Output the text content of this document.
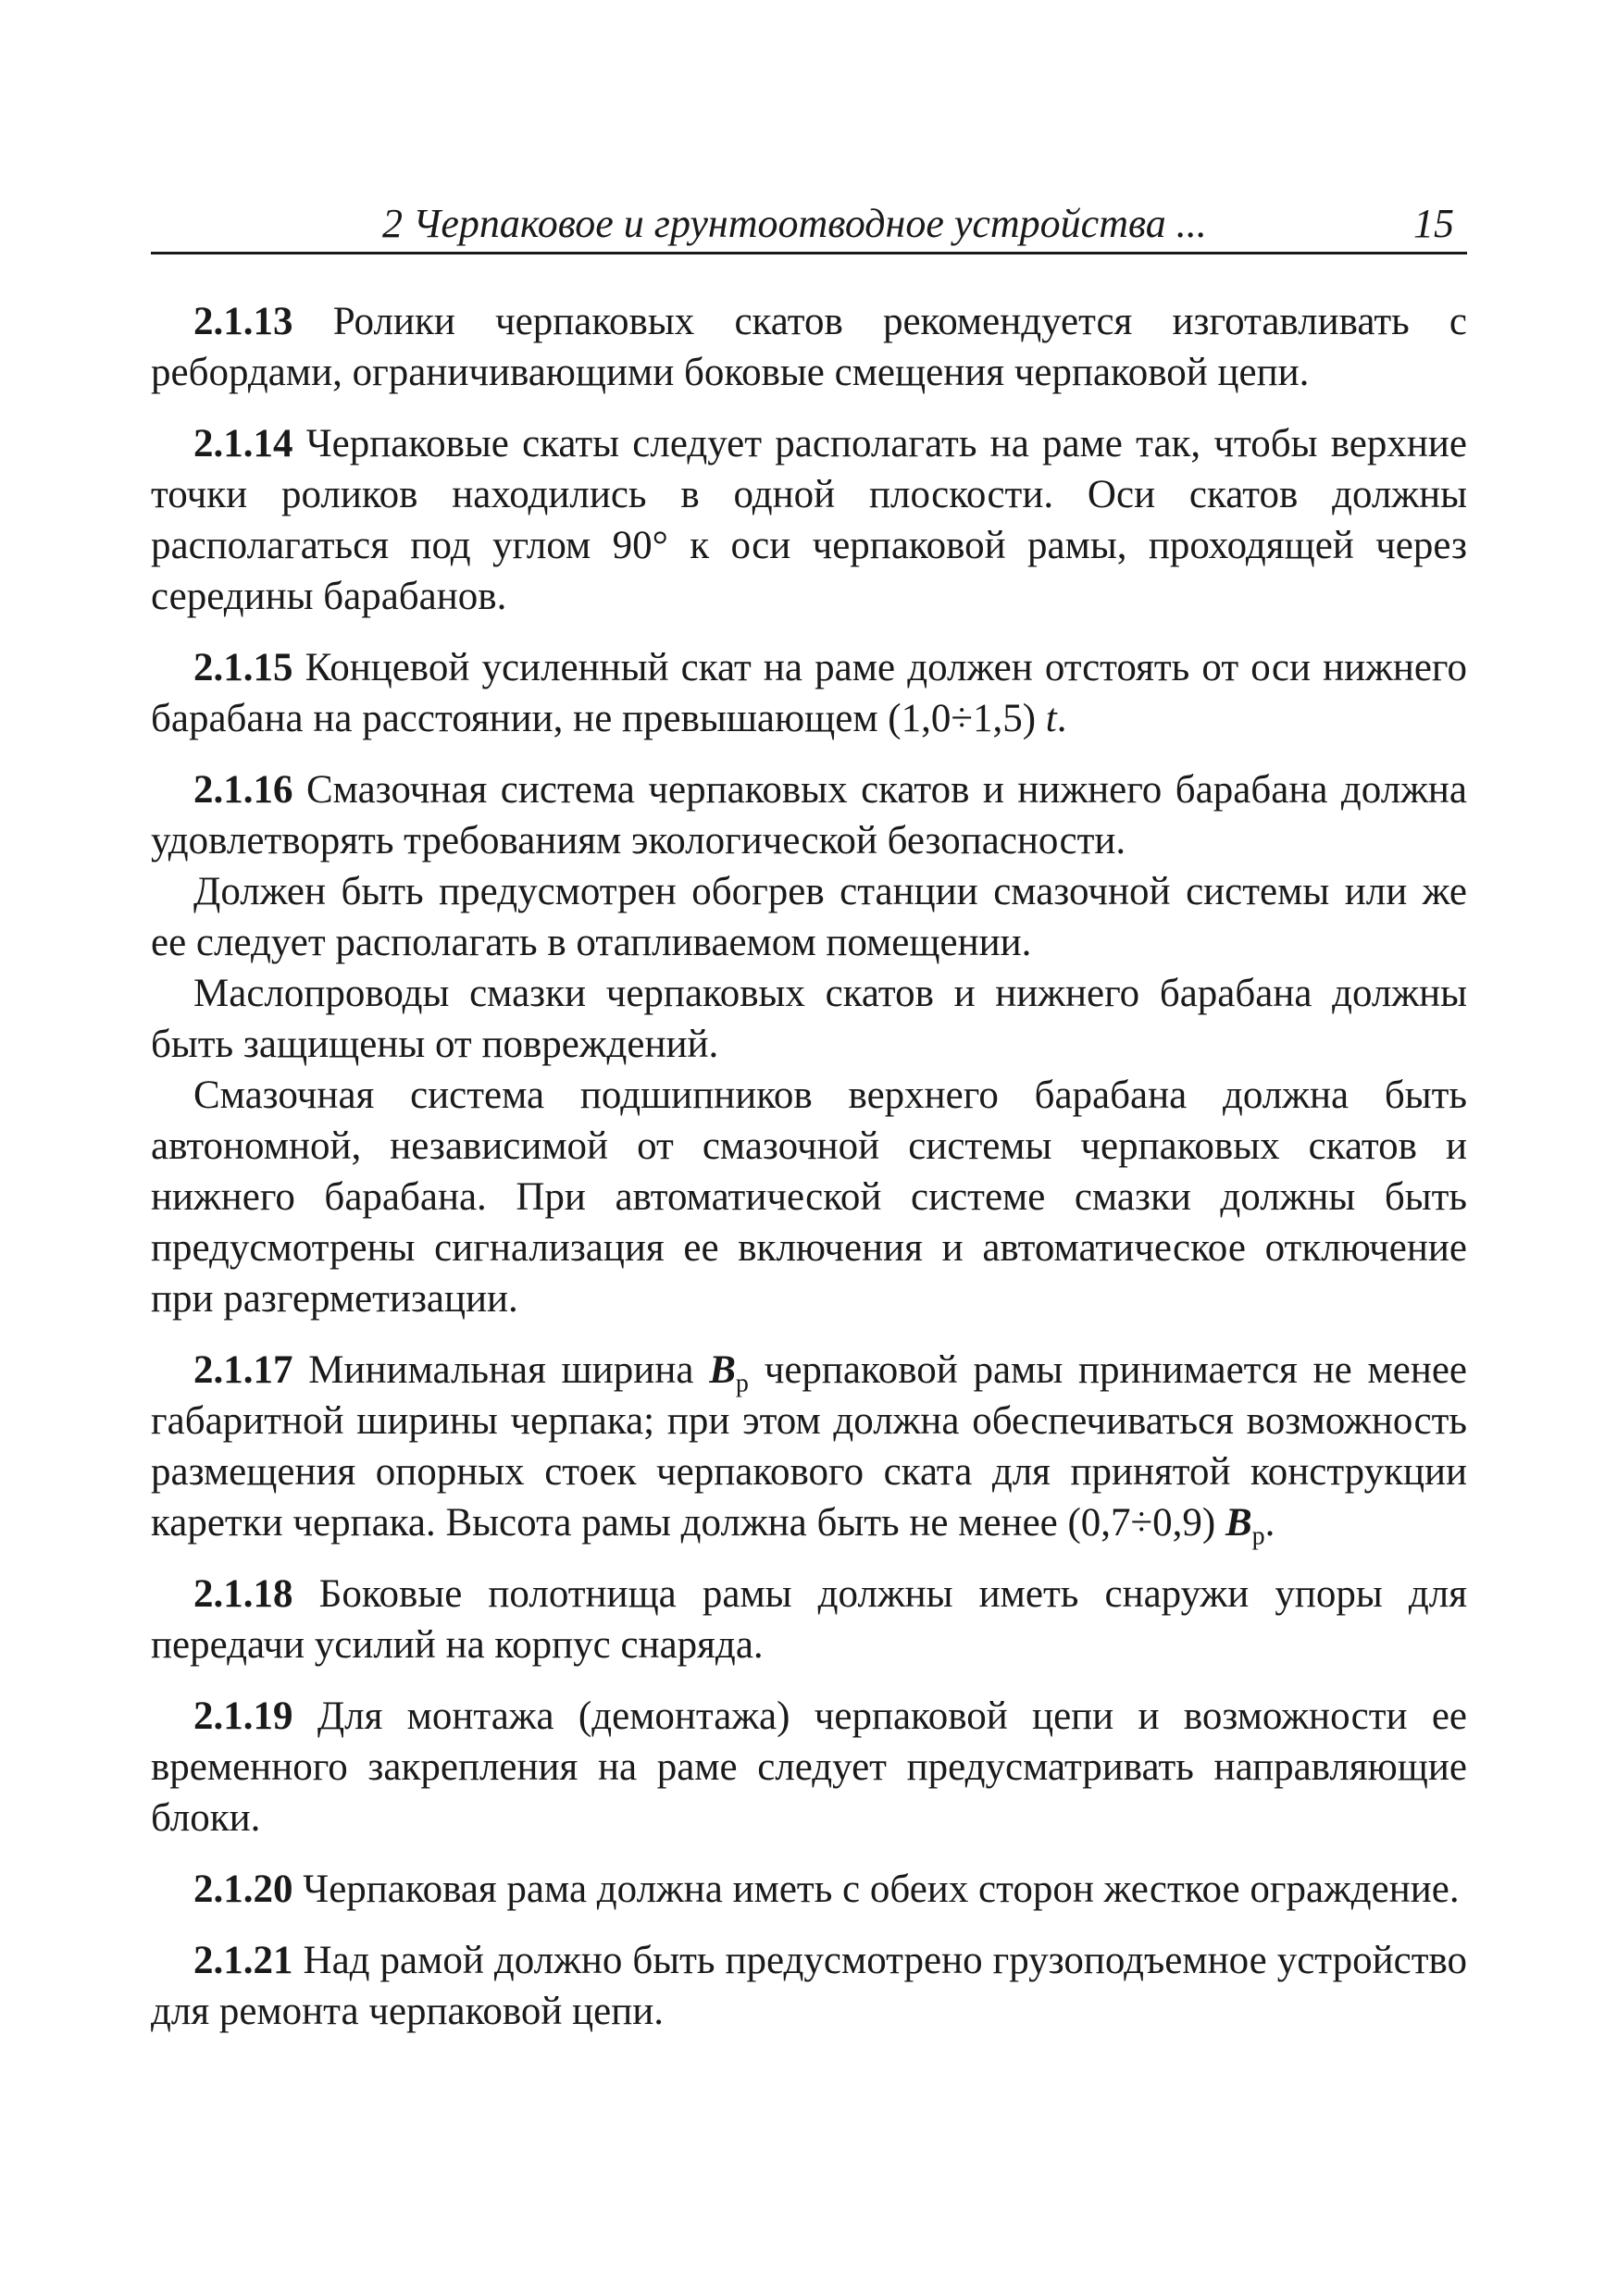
2 Черпаковое и грунтоотводное устройства ...	15

2.1.13 Ролики черпаковых скатов рекомендуется изготавливать с ребордами, ограничивающими боковые смещения черпаковой цепи.

2.1.14 Черпаковые скаты следует располагать на раме так, чтобы верхние точки роликов находились в одной плоскости. Оси скатов должны располагаться под углом 90° к оси черпаковой рамы, проходящей через середины барабанов.

2.1.15 Концевой усиленный скат на раме должен отстоять от оси нижнего барабана на расстоянии, не превышающем (1,0÷1,5) t.

2.1.16 Смазочная система черпаковых скатов и нижнего барабана должна удовлетворять требованиям экологической безопасности.

Должен быть предусмотрен обогрев станции смазочной системы или же ее следует располагать в отапливаемом помещении.

Маслопроводы смазки черпаковых скатов и нижнего барабана должны быть защищены от повреждений.

Смазочная система подшипников верхнего барабана должна быть автономной, независимой от смазочной системы черпаковых скатов и нижнего барабана. При автоматической системе смазки должны быть предусмотрены сигнализация ее включения и автоматическое отключение при разгерметизации.

2.1.17 Минимальная ширина $B_р$ черпаковой рамы принимается не менее габаритной ширины черпака; при этом должна обеспечиваться возможность размещения опорных стоек черпакового ската для принятой конструкции каретки черпака. Высота рамы должна быть не менее (0,7÷0,9) $B_р$.

2.1.18 Боковые полотнища рамы должны иметь снаружи упоры для передачи усилий на корпус снаряда.

2.1.19 Для монтажа (демонтажа) черпаковой цепи и возможности ее временного закрепления на раме следует предусматривать направляющие блоки.

2.1.20 Черпаковая рама должна иметь с обеих сторон жесткое ограждение.

2.1.21 Над рамой должно быть предусмотрено грузоподъемное устройство для ремонта черпаковой цепи.
